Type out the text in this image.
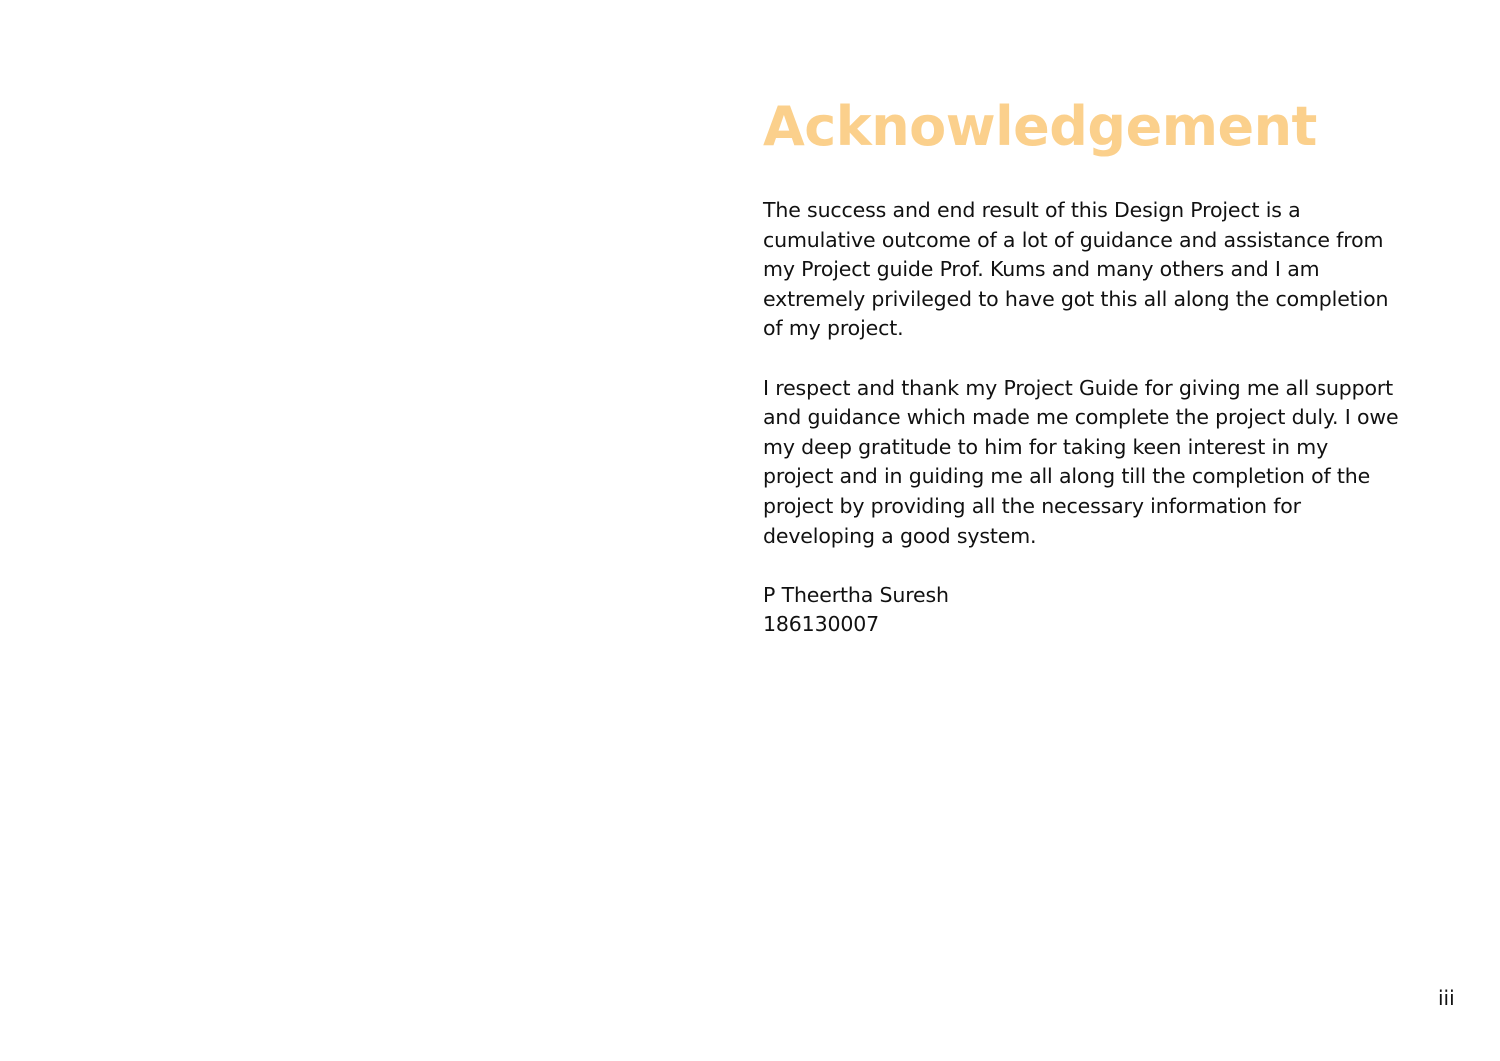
Acknowledgement

The success and end result of this Design Project is a cumulative outcome of a lot of guidance and assistance from my Project guide Prof. Kums and many others and I am extremely privileged to have got this all along the completion of my project.

I respect and thank my Project Guide for giving me all support and guidance which made me complete the project duly. I owe my deep gratitude to him for taking keen interest in my project and in guiding me all along till the completion of the project by providing all the necessary information for developing a good system.

P Theertha Suresh
186130007
iii
